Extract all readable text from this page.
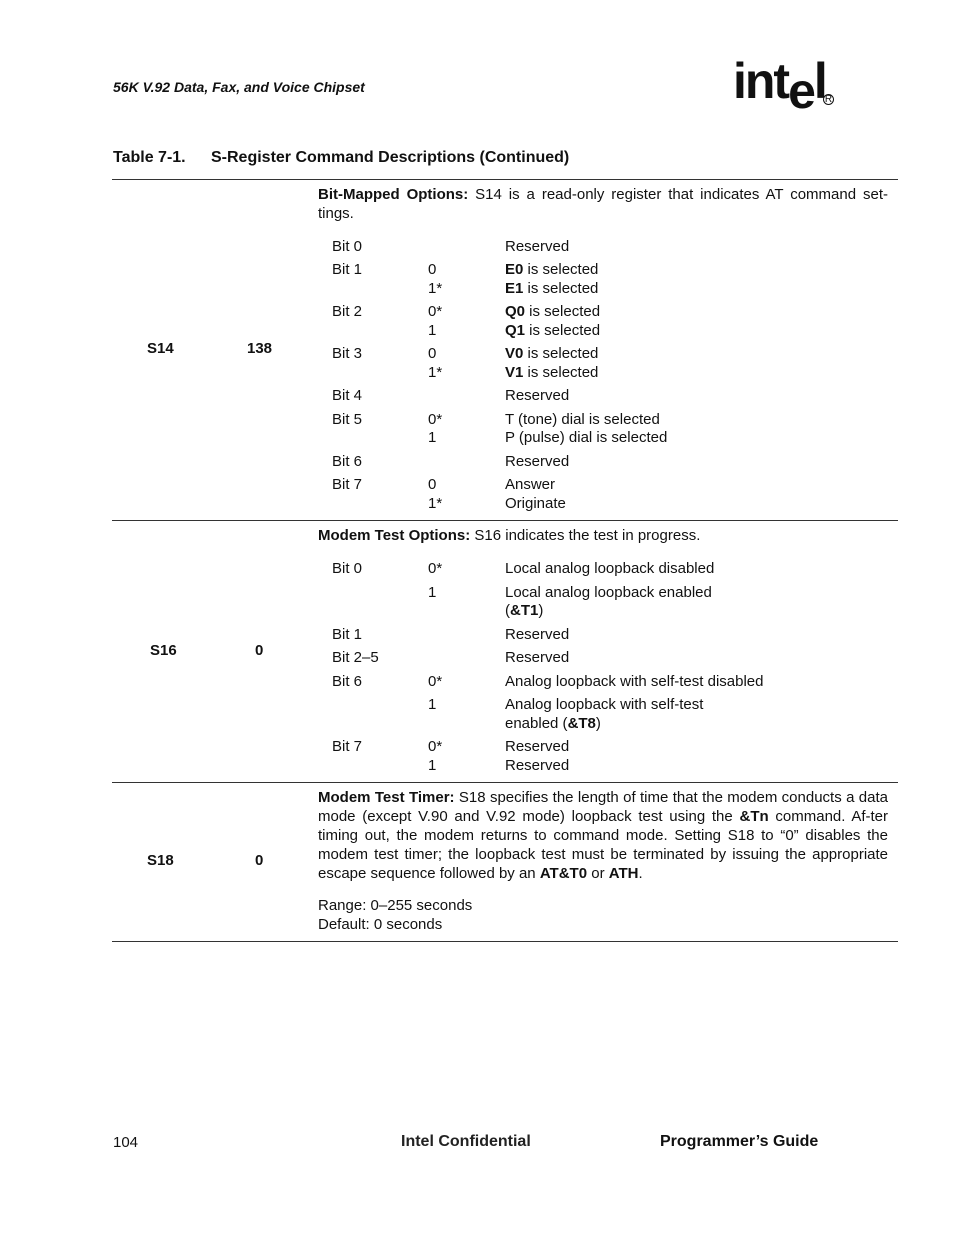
56K V.92 Data, Fax, and Voice Chipset	intel R
Table 7-1. S-Register Command Descriptions (Continued)
S14	138
Bit-Mapped Options: S14 is a read-only register that indicates AT command set-tings.
Bit 0	Reserved
Bit 1	0	E0 is selected
1*	E1 is selected
Bit 2	0*	Q0 is selected
1	Q1 is selected
Bit 3	0	V0 is selected
1*	V1 is selected
Bit 4	Reserved
Bit 5	0*	T (tone) dial is selected
1	P (pulse) dial is selected
Bit 6	Reserved
Bit 7	0	Answer
1*	Originate
S16	0
Modem Test Options: S16 indicates the test in progress.
Bit 0	0*	Local analog loopback disabled
1	Local analog loopback enabled
(&T1)
Bit 1	Reserved
Bit 2–5	Reserved
Bit 6	0*	Analog loopback with self-test disabled
1	Analog loopback with self-test
enabled (&T8)
Bit 7	0*	Reserved
1	Reserved
S18	0
Modem Test Timer: S18 specifies the length of time that the modem conducts a data mode (except V.90 and V.92 mode) loopback test using the &Tn command. Af-ter timing out, the modem returns to command mode. Setting S18 to “0” disables the modem test timer; the loopback test must be terminated by issuing the appropriate escape sequence followed by an AT&T0 or ATH.
Range: 0–255 seconds
Default: 0 seconds
104	Intel Confidential	Programmer’s Guide
